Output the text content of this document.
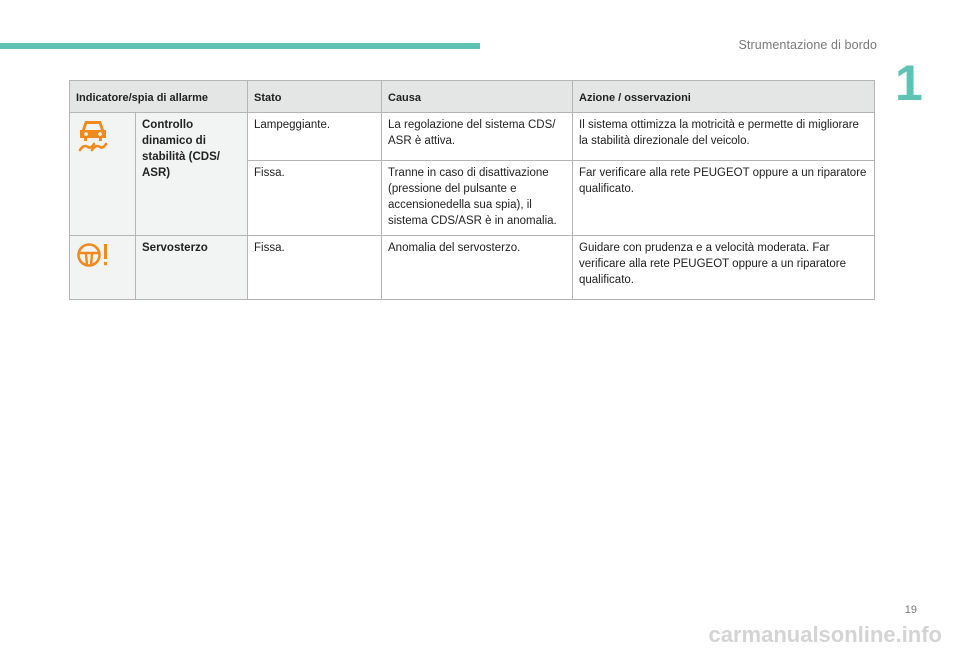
Strumentazione di bordo
1
Indicatore/spia di allarme		Stato	Causa	Azione / osservazioni
	Controllo dinamico di stabilità (CDS/ ASR)	Lampeggiante.	La regolazione del sistema CDS/ ASR è attiva.	Il sistema ottimizza la motricità e permette di migliorare la stabilità direzionale del veicolo.
		Fissa.	Tranne in caso di disattivazione (pressione del pulsante e accensionedella sua spia), il sistema CDS/ASR è in anomalia.	Far verificare alla rete PEUGEOT oppure a un riparatore qualificato.
	Servosterzo	Fissa.	Anomalia del servosterzo.	Guidare con prudenza e a velocità moderata. Far verificare alla rete PEUGEOT oppure a un riparatore qualificato.
19
carmanualsonline.info
